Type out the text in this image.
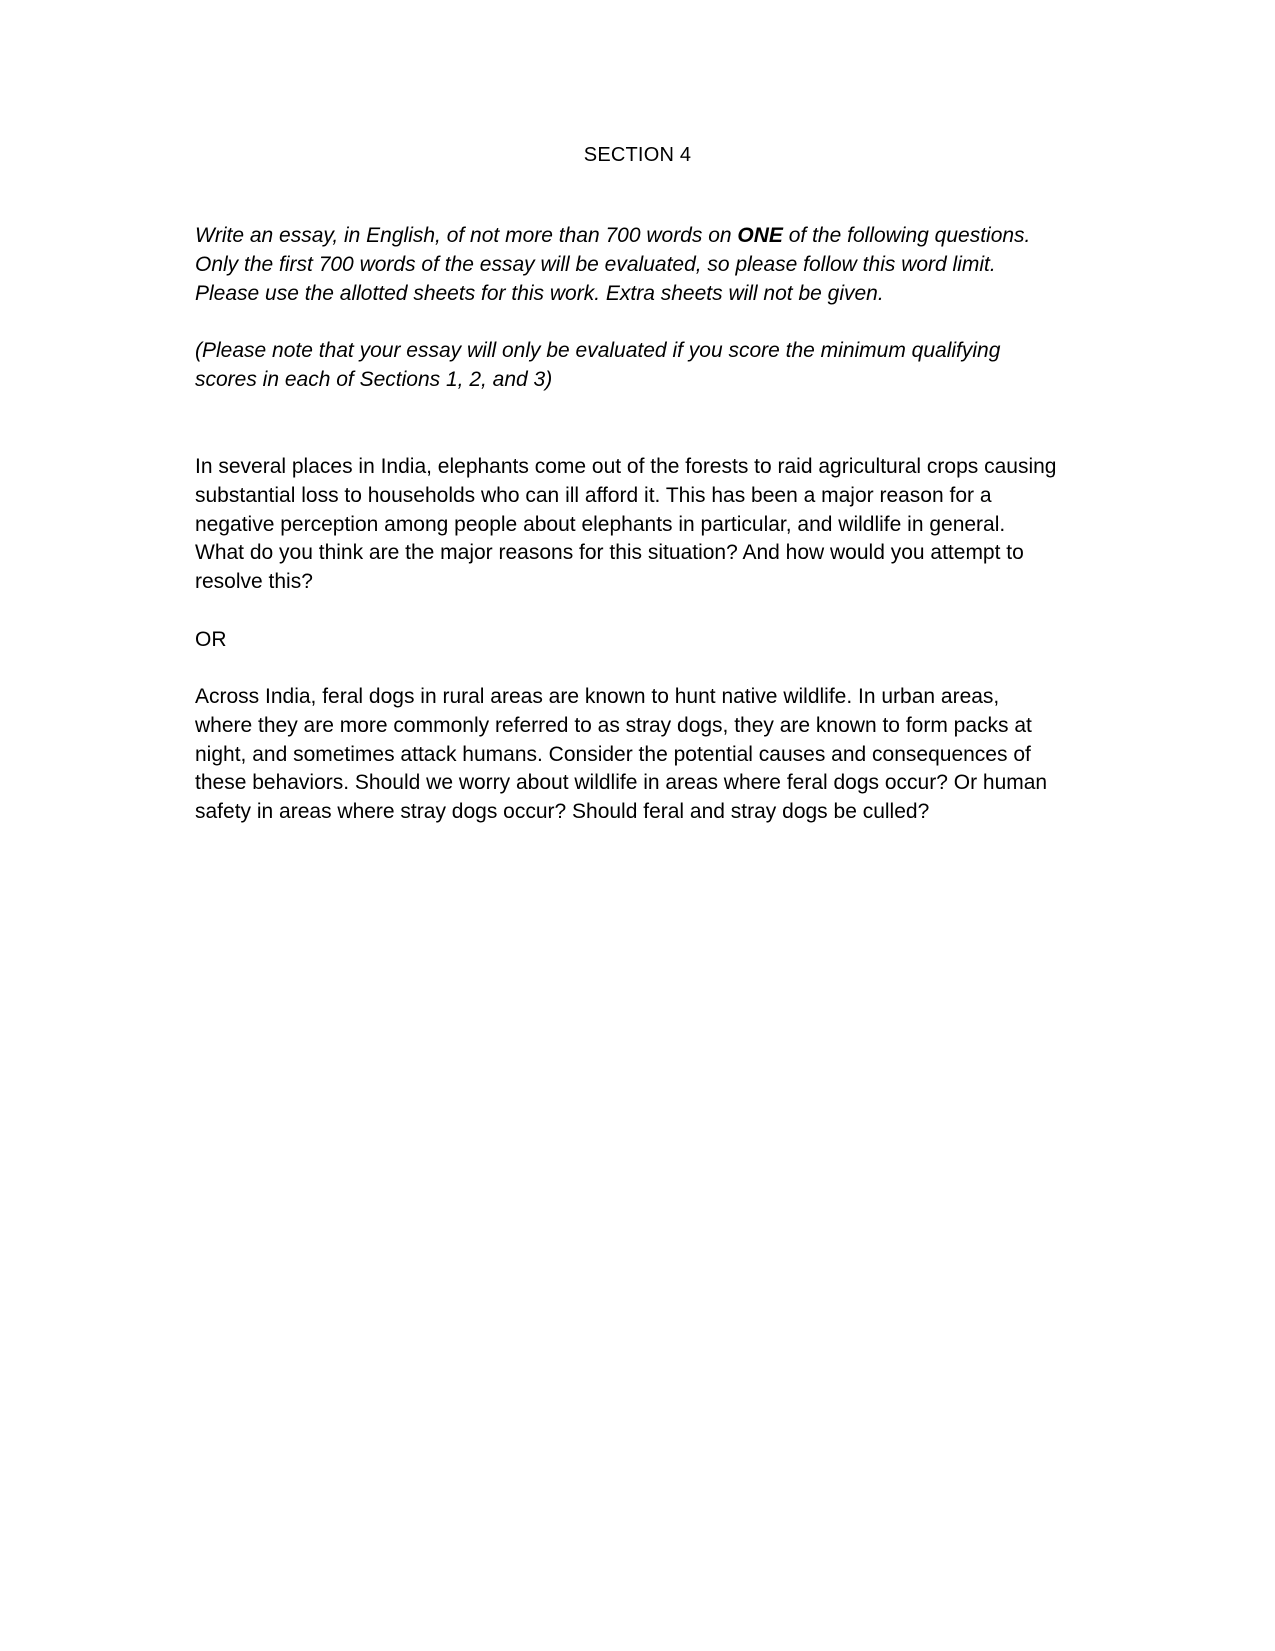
SECTION 4
Write an essay, in English, of not more than 700 words on ONE of the following questions.
Only the first 700 words of the essay will be evaluated, so please follow this word limit.
Please use the allotted sheets for this work. Extra sheets will not be given.
(Please note that your essay will only be evaluated if you score the minimum qualifying
scores in each of Sections 1, 2, and 3)
In several places in India, elephants come out of the forests to raid agricultural crops causing
substantial loss to households who can ill afford it. This has been a major reason for a
negative perception among people about elephants in particular, and wildlife in general.
What do you think are the major reasons for this situation? And how would you attempt to
resolve this?
OR
Across India, feral dogs in rural areas are known to hunt native wildlife. In urban areas,
where they are more commonly referred to as stray dogs, they are known to form packs at
night, and sometimes attack humans. Consider the potential causes and consequences of
these behaviors. Should we worry about wildlife in areas where feral dogs occur? Or human
safety in areas where stray dogs occur? Should feral and stray dogs be culled?
